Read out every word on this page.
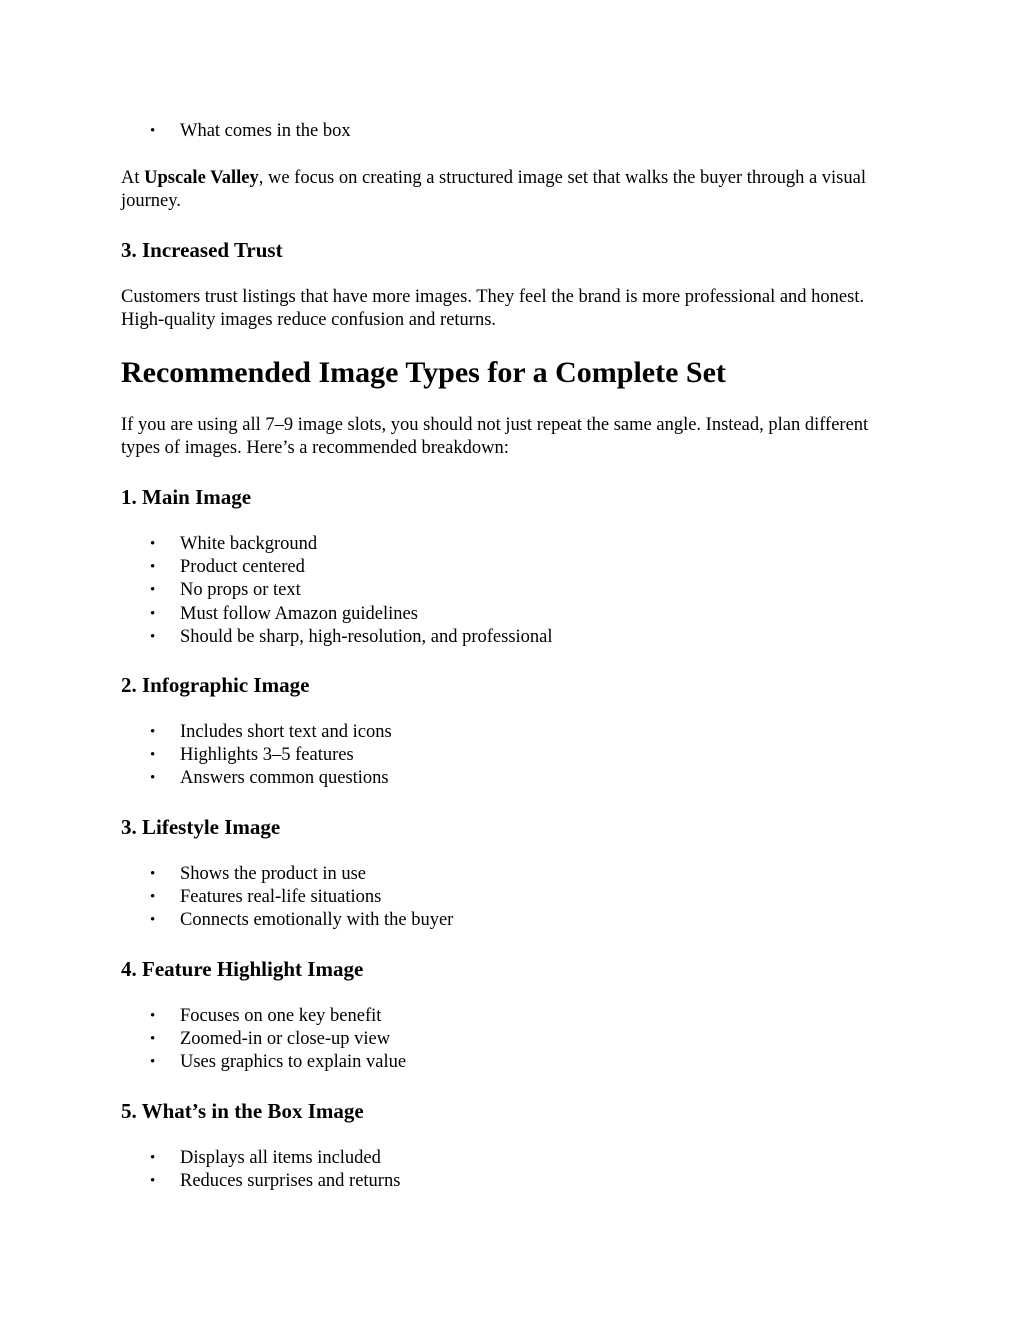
• What comes in the box

At Upscale Valley, we focus on creating a structured image set that walks the buyer through a visual journey.

3. Increased Trust

Customers trust listings that have more images. They feel the brand is more professional and honest. High-quality images reduce confusion and returns.

Recommended Image Types for a Complete Set

If you are using all 7–9 image slots, you should not just repeat the same angle. Instead, plan different types of images. Here’s a recommended breakdown:

1. Main Image
• White background
• Product centered
• No props or text
• Must follow Amazon guidelines
• Should be sharp, high-resolution, and professional
2. Infographic Image
• Includes short text and icons
• Highlights 3–5 features
• Answers common questions
3. Lifestyle Image
• Shows the product in use
• Features real-life situations
• Connects emotionally with the buyer
4. Feature Highlight Image
• Focuses on one key benefit
• Zoomed-in or close-up view
• Uses graphics to explain value
5. What’s in the Box Image
• Displays all items included
• Reduces surprises and returns
